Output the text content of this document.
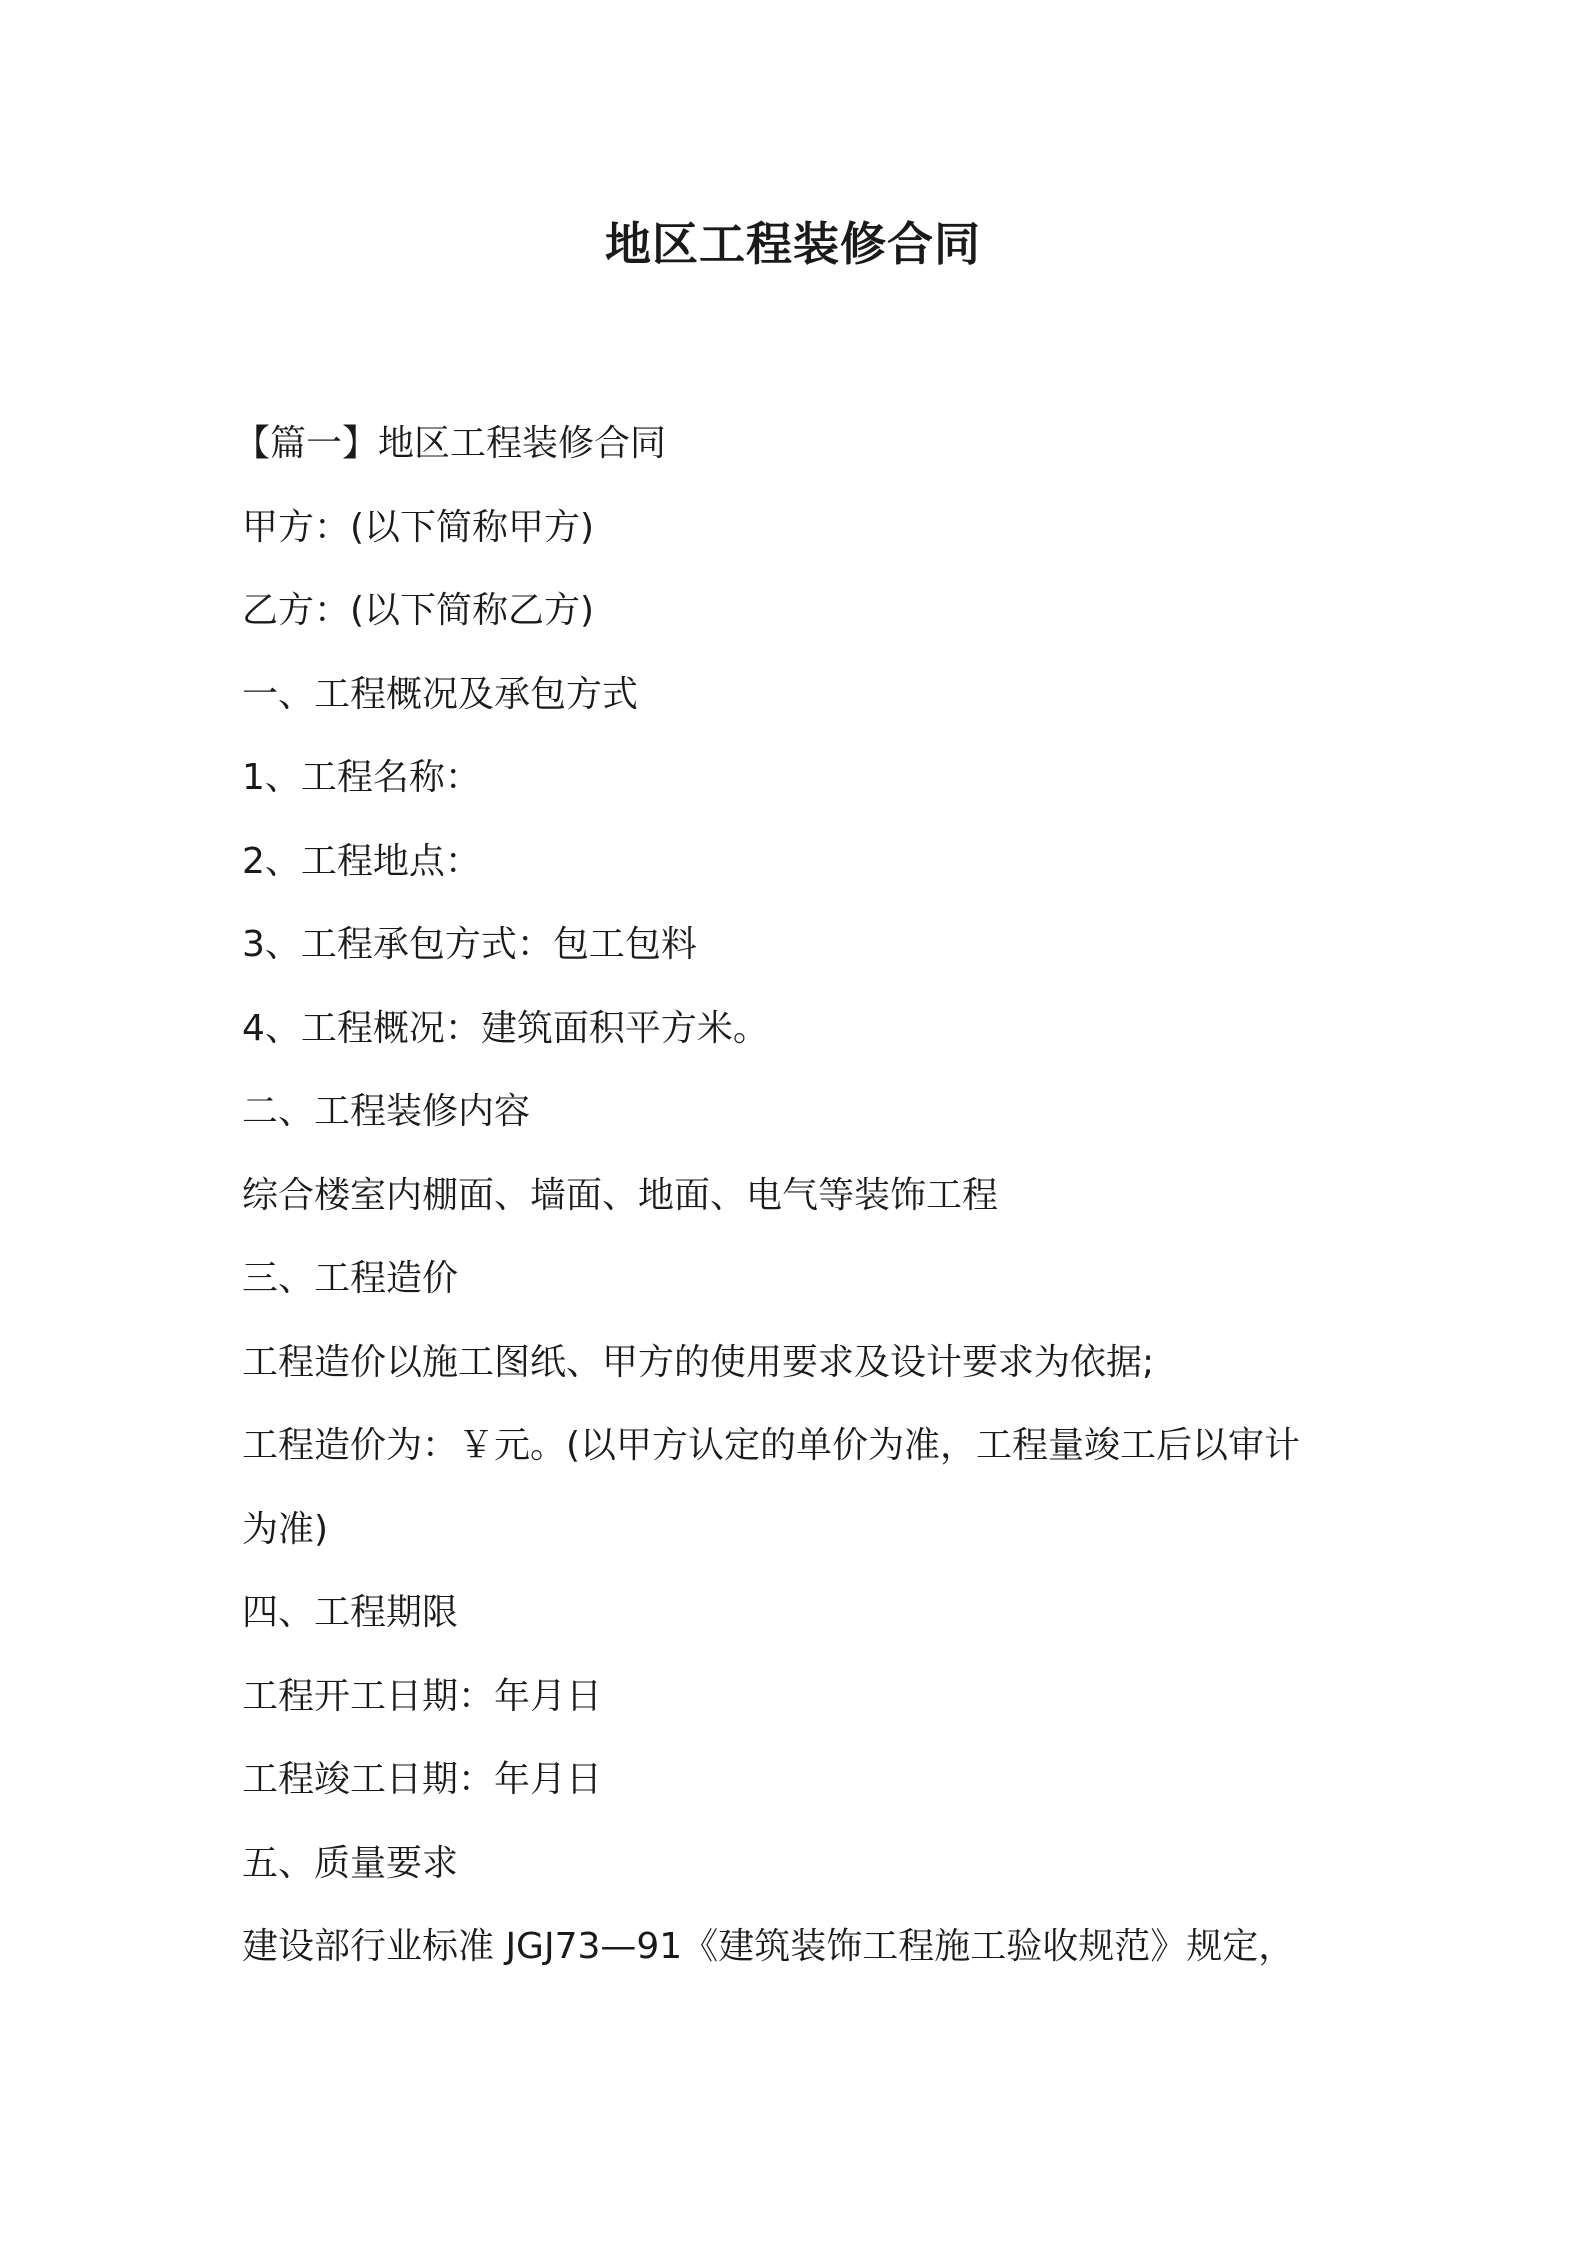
地区工程装修合同
【篇一】地区工程装修合同
甲方：(以下简称甲方)
乙方：(以下简称乙方)
一、工程概况及承包方式
1、工程名称：
2、工程地点：
3、工程承包方式：包工包料
4、工程概况：建筑面积平方米。
二、工程装修内容
综合楼室内棚面、墙面、地面、电气等装饰工程
三、工程造价
工程造价以施工图纸、甲方的使用要求及设计要求为依据;
工程造价为：￥元。(以甲方认定的单价为准，工程量竣工后以审计
为准)
四、工程期限
工程开工日期：年月日
工程竣工日期：年月日
五、质量要求
建设部行业标准 JGJ73—91《建筑装饰工程施工验收规范》规定，
